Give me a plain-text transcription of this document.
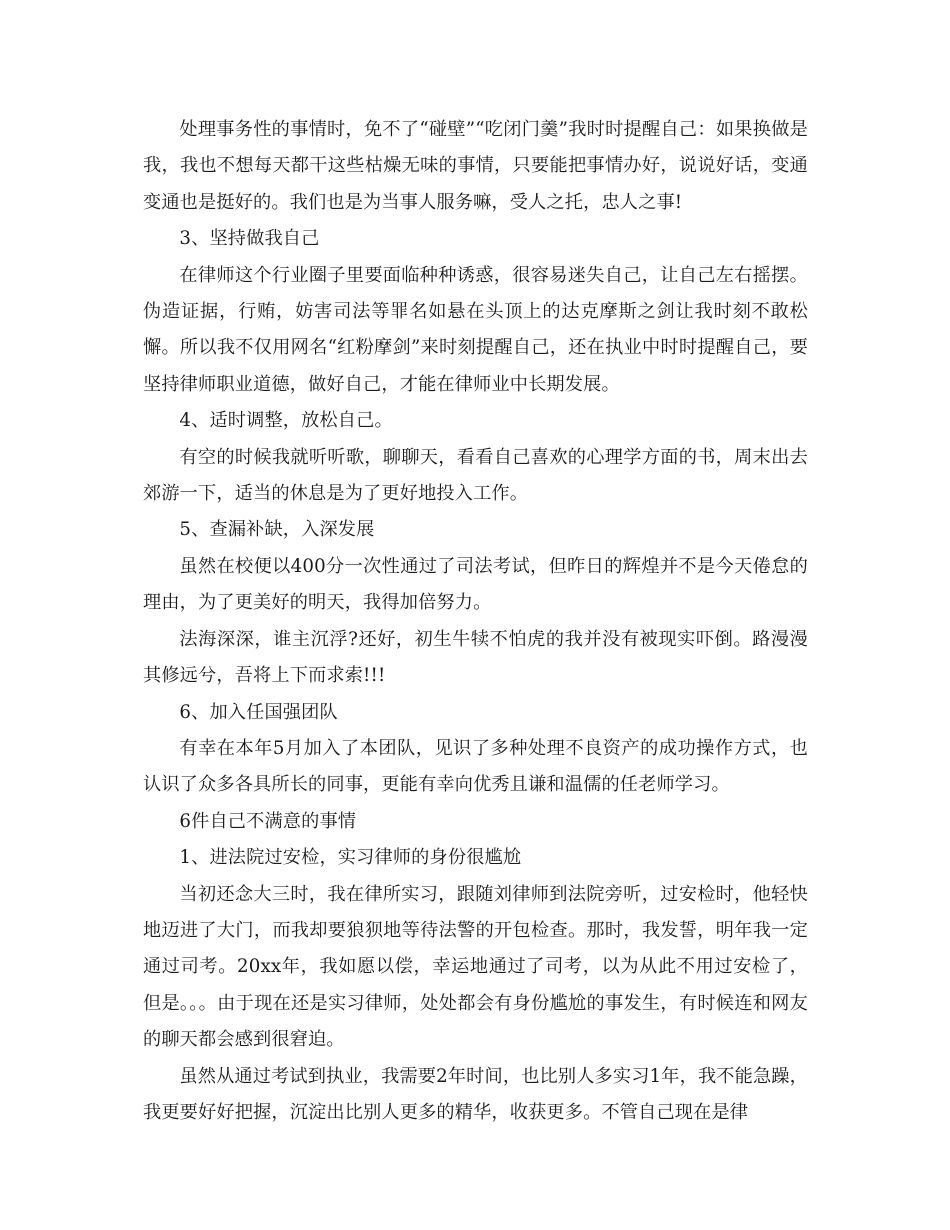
处理事务性的事情时，免不了“碰壁”“吃闭门羹”我时时提醒自己：如果换做是我，我也不想每天都干这些枯燥无味的事情，只要能把事情办好，说说好话，变通变通也是挺好的。我们也是为当事人服务嘛，受人之托，忠人之事!

3、坚持做我自己

在律师这个行业圈子里要面临种种诱惑，很容易迷失自己，让自己左右摇摆。伪造证据，行贿，妨害司法等罪名如悬在头顶上的达克摩斯之剑让我时刻不敢松懈。所以我不仅用网名“红粉摩剑”来时刻提醒自己，还在执业中时时提醒自己，要坚持律师职业道德，做好自己，才能在律师业中长期发展。

4、适时调整，放松自己。

有空的时候我就听听歌，聊聊天，看看自己喜欢的心理学方面的书，周末出去郊游一下，适当的休息是为了更好地投入工作。

5、查漏补缺，入深发展

虽然在校便以400分一次性通过了司法考试，但昨日的辉煌并不是今天倦怠的理由，为了更美好的明天，我得加倍努力。

法海深深，谁主沉浮?还好，初生牛犊不怕虎的我并没有被现实吓倒。路漫漫其修远兮，吾将上下而求索!!!

6、加入任国强团队

有幸在本年5月加入了本团队，见识了多种处理不良资产的成功操作方式，也认识了众多各具所长的同事，更能有幸向优秀且谦和温儒的任老师学习。

6件自己不满意的事情

1、进法院过安检，实习律师的身份很尴尬

当初还念大三时，我在律所实习，跟随刘律师到法院旁听，过安检时，他轻快地迈进了大门，而我却要狼狈地等待法警的开包检查。那时，我发誓，明年我一定通过司考。20xx年，我如愿以偿，幸运地通过了司考，以为从此不用过安检了，但是。。。由于现在还是实习律师，处处都会有身份尴尬的事发生，有时候连和网友的聊天都会感到很窘迫。

虽然从通过考试到执业，我需要2年时间，也比别人多实习1年，我不能急躁，我更要好好把握，沉淀出比别人更多的精华，收获更多。不管自己现在是律
